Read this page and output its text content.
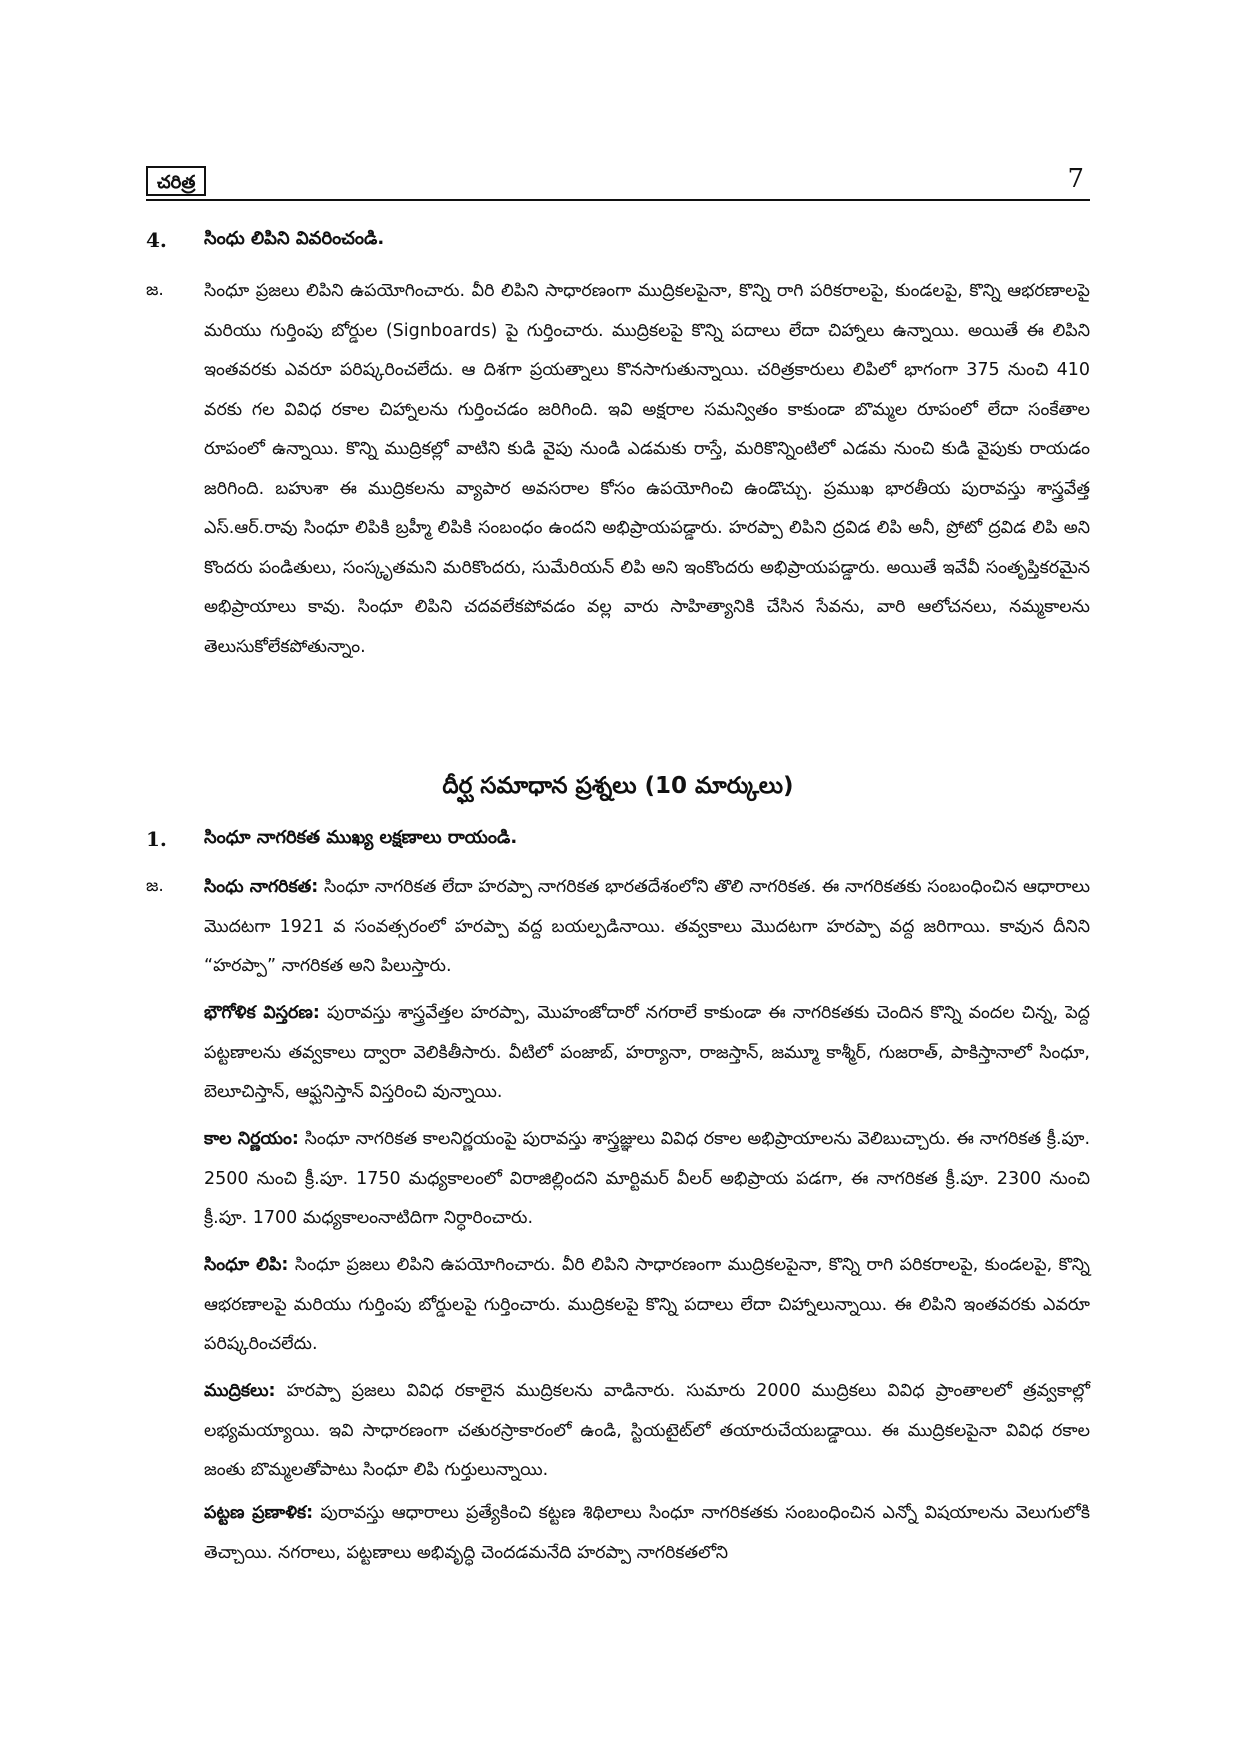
చరిత్ర	7
4. సింధు లిపిని వివరించండి.
జ. సింధూ ప్రజలు లిపిని ఉపయోగించారు. వీరి లిపిని సాధారణంగా ముద్రికలపైనా, కొన్ని రాగి పరికరాలపై, కుండలపై, కొన్ని ఆభరణాలపై మరియు గుర్తింపు బోర్డుల (Signboards) పై గుర్తించారు. ముద్రికలపై కొన్ని పదాలు లేదా చిహ్నాలు ఉన్నాయి. అయితే ఈ లిపిని ఇంతవరకు ఎవరూ పరిష్కరించలేదు. ఆ దిశగా ప్రయత్నాలు కొనసాగుతున్నాయి. చరిత్రకారులు లిపిలో భాగంగా 375 నుంచి 410 వరకు గల వివిధ రకాల చిహ్నాలను గుర్తించడం జరిగింది. ఇవి అక్షరాల సమన్వితం కాకుండా బొమ్మల రూపంలో లేదా సంకేతాల రూపంలో ఉన్నాయి. కొన్ని ముద్రికల్లో వాటిని కుడి వైపు నుండి ఎడమకు రాస్తే, మరికొన్నింటిలో ఎడమ నుంచి కుడి వైపుకు రాయడం జరిగింది. బహుశా ఈ ముద్రికలను వ్యాపార అవసరాల కోసం ఉపయోగించి ఉండొచ్చు. ప్రముఖ భారతీయ పురావస్తు శాస్త్రవేత్త ఎస్.ఆర్.రావు సింధూ లిపికి బ్రహ్మీ లిపికి సంబంధం ఉందని అభిప్రాయపడ్డారు. హరప్పా లిపిని ద్రవిడ లిపి అనీ, ప్రోటో ద్రవిడ లిపి అని కొందరు పండితులు, సంస్కృతమని మరికొందరు, సుమేరియన్ లిపి అని ఇంకొందరు అభిప్రాయపడ్డారు. అయితే ఇవేవీ సంతృప్తికరమైన అభిప్రాయాలు కావు. సింధూ లిపిని చదవలేకపోవడం వల్ల వారు సాహిత్యానికి చేసిన సేవను, వారి ఆలోచనలు, నమ్మకాలను తెలుసుకోలేకపోతున్నాం.
దీర్ఘ సమాధాన ప్రశ్నలు (10 మార్కులు)
1. సింధూ నాగరికత ముఖ్య లక్షణాలు రాయండి.
జ. సింధు నాగరికత: సింధూ నాగరికత లేదా హరప్పా నాగరికత భారతదేశంలోని తొలి నాగరికత. ఈ నాగరికతకు సంబంధించిన ఆధారాలు మొదటగా 1921 వ సంవత్సరంలో హరప్పా వద్ద బయల్పడినాయి. తవ్వకాలు మొదటగా హరప్పా వద్ద జరిగాయి. కావున దీనిని “హరప్పా” నాగరికత అని పిలుస్తారు.
భౌగోళిక విస్తరణ: పురావస్తు శాస్త్రవేత్తల హరప్పా, మొహంజోదారో నగరాలే కాకుండా ఈ నాగరికతకు చెందిన కొన్ని వందల చిన్న, పెద్ద పట్టణాలను తవ్వకాలు ద్వారా వెలికితీసారు. వీటిలో పంజాబ్, హర్యానా, రాజస్తాన్, జమ్మూ కాశ్మీర్, గుజరాత్, పాకిస్తానాలో సింధూ, బెలూచిస్తాన్, ఆఫ్ఘనిస్తాన్ విస్తరించి వున్నాయి.
కాల నిర్ణయం: సింధూ నాగరికత కాలనిర్ణయంపై పురావస్తు శాస్త్రజ్ఞులు వివిధ రకాల అభిప్రాయాలను వెలిబుచ్చారు. ఈ నాగరికత క్రీ.పూ. 2500 నుంచి క్రీ.పూ. 1750 మధ్యకాలంలో విరాజిల్లిందని మార్టిమర్ వీలర్ అభిప్రాయ పడగా, ఈ నాగరికత క్రీ.పూ. 2300 నుంచి క్రీ.పూ. 1700 మధ్యకాలంనాటిదిగా నిర్ధారించారు.
సింధూ లిపి: సింధూ ప్రజలు లిపిని ఉపయోగించారు. వీరి లిపిని సాధారణంగా ముద్రికలపైనా, కొన్ని రాగి పరికరాలపై, కుండలపై, కొన్ని ఆభరణాలపై మరియు గుర్తింపు బోర్డులపై గుర్తించారు. ముద్రికలపై కొన్ని పదాలు లేదా చిహ్నాలున్నాయి. ఈ లిపిని ఇంతవరకు ఎవరూ పరిష్కరించలేదు.
ముద్రికలు: హరప్పా ప్రజలు వివిధ రకాలైన ముద్రికలను వాడినారు. సుమారు 2000 ముద్రికలు వివిధ ప్రాంతాలలో త్రవ్వకాల్లో లభ్యమయ్యాయి. ఇవి సాధారణంగా చతురస్రాకారంలో ఉండి, స్టియటైట్‌లో తయారుచేయబడ్డాయి. ఈ ముద్రికలపైనా వివిధ రకాల జంతు బొమ్మలతోపాటు సింధూ లిపి గుర్తులున్నాయి.
పట్టణ ప్రణాళిక: పురావస్తు ఆధారాలు ప్రత్యేకించి కట్టణ శిథిలాలు సింధూ నాగరికతకు సంబంధించిన ఎన్నో విషయాలను వెలుగులోకి తెచ్చాయి. నగరాలు, పట్టణాలు అభివృద్ధి చెందడమనేది హరప్పా నాగరికతలోని
